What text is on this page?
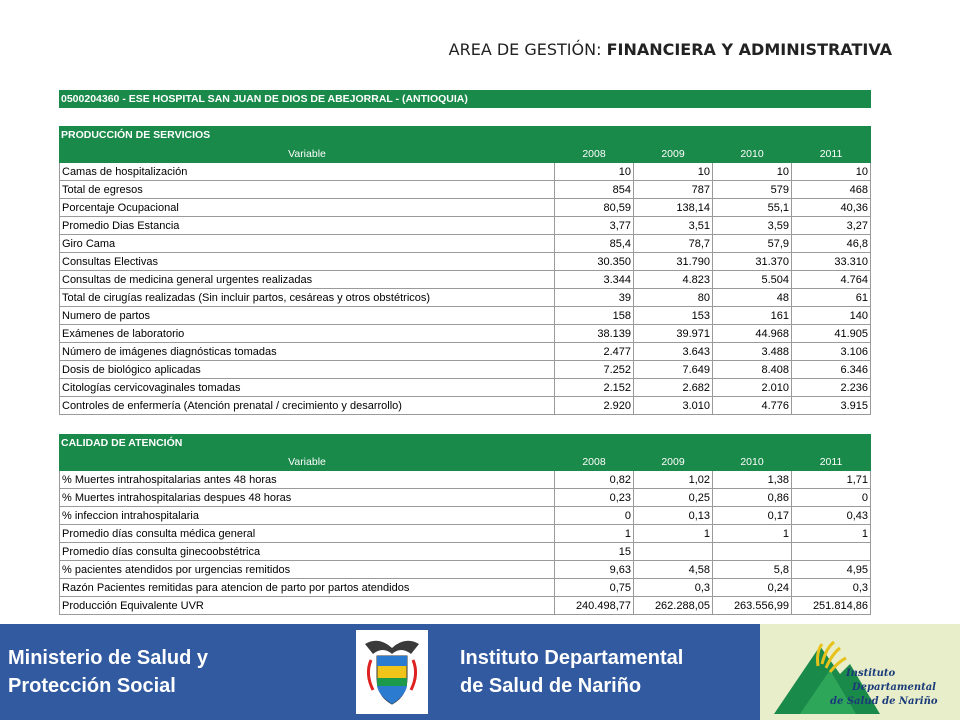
AREA DE GESTIÓN: FINANCIERA Y ADMINISTRATIVA
0500204360 - ESE HOSPITAL SAN JUAN DE DIOS DE ABEJORRAL - (ANTIOQUIA)
PRODUCCIÓN DE SERVICIOS
Variable	2008	2009	2010	2011
Camas de hospitalización	10	10	10	10
Total de egresos	854	787	579	468
Porcentaje Ocupacional	80,59	138,14	55,1	40,36
Promedio Dias Estancia	3,77	3,51	3,59	3,27
Giro Cama	85,4	78,7	57,9	46,8
Consultas Electivas	30.350	31.790	31.370	33.310
Consultas de medicina general urgentes realizadas	3.344	4.823	5.504	4.764
Total de cirugías realizadas (Sin incluir partos, cesáreas y otros obstétricos)	39	80	48	61
Numero de partos	158	153	161	140
Exámenes de laboratorio	38.139	39.971	44.968	41.905
Número de imágenes diagnósticas tomadas	2.477	3.643	3.488	3.106
Dosis de biológico aplicadas	7.252	7.649	8.408	6.346
Citologías cervicovaginales tomadas	2.152	2.682	2.010	2.236
Controles de enfermería (Atención prenatal / crecimiento y desarrollo)	2.920	3.010	4.776	3.915
CALIDAD DE ATENCIÓN
Variable	2008	2009	2010	2011
% Muertes intrahospitalarias antes 48 horas	0,82	1,02	1,38	1,71
% Muertes intrahospitalarias despues 48 horas	0,23	0,25	0,86	0
% infeccion intrahospitalaria	0	0,13	0,17	0,43
Promedio días consulta médica general	1	1	1	1
Promedio días consulta ginecoobstétrica	15			
% pacientes atendidos por urgencias remitidos	9,63	4,58	5,8	4,95
Razón Pacientes remitidas para atencion de parto por partos atendidos	0,75	0,3	0,24	0,3
Producción Equivalente UVR	240.498,77	262.288,05	263.556,99	251.814,86
Ministerio de Salud y
Protección Social
Instituto Departamental
de Salud de Nariño
Instituto
Departamental
de Salud de Nariño
